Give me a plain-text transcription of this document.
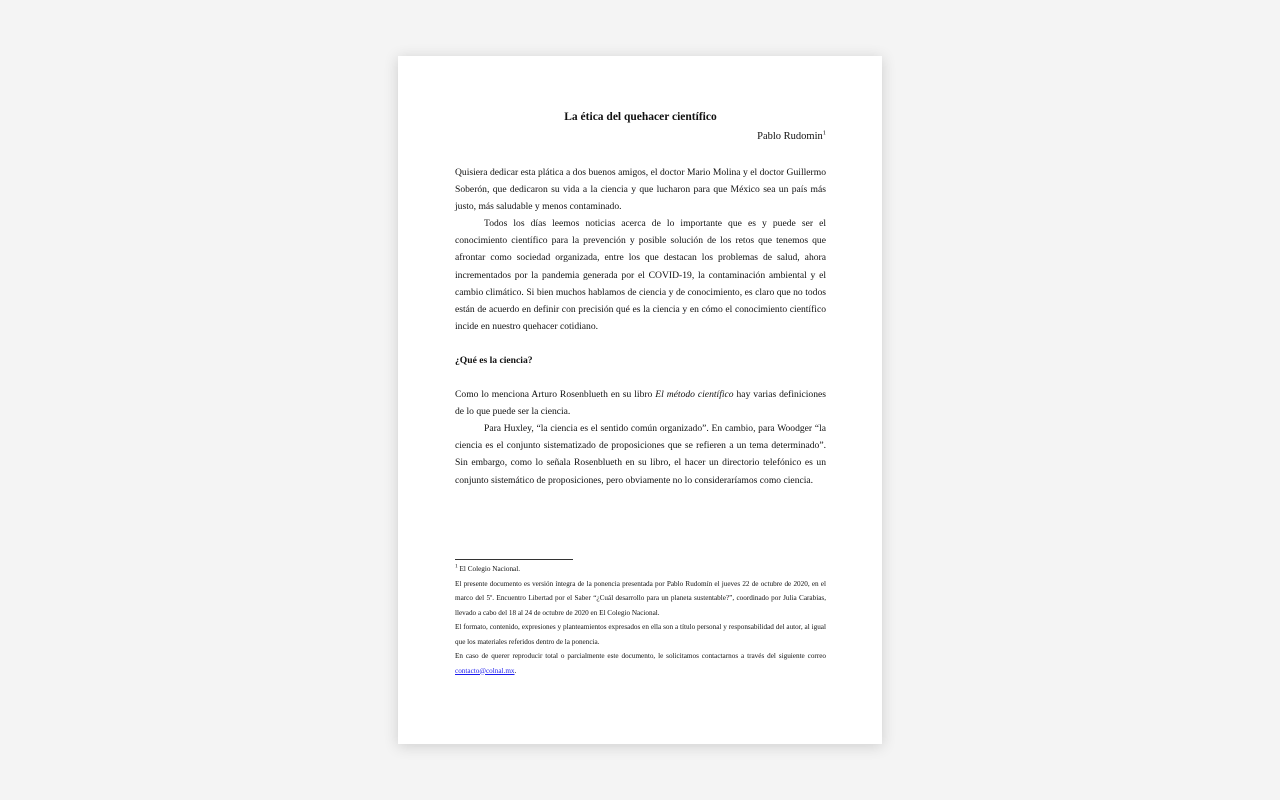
La ética del quehacer científico

Pablo Rudomin$^1$

Quisiera dedicar esta plática a dos buenos amigos, el doctor Mario Molina y el doctor Guillermo Soberón, que dedicaron su vida a la ciencia y que lucharon para que México sea un país más justo, más saludable y menos contaminado.

Todos los días leemos noticias acerca de lo importante que es y puede ser el conocimiento científico para la prevención y posible solución de los retos que tenemos que afrontar como sociedad organizada, entre los que destacan los problemas de salud, ahora incrementados por la pandemia generada por el COVID-19, la contaminación ambiental y el cambio climático. Si bien muchos hablamos de ciencia y de conocimiento, es claro que no todos están de acuerdo en definir con precisión qué es la ciencia y en cómo el conocimiento científico incide en nuestro quehacer cotidiano.

¿Qué es la ciencia?

Como lo menciona Arturo Rosenblueth en su libro El método científico hay varias definiciones de lo que puede ser la ciencia.

Para Huxley, “la ciencia es el sentido común organizado”. En cambio, para Woodger “la ciencia es el conjunto sistematizado de proposiciones que se refieren a un tema determinado”. Sin embargo, como lo señala Rosenblueth en su libro, el hacer un directorio telefónico es un conjunto sistemático de proposiciones, pero obviamente no lo consideraríamos como ciencia.

$^1$ El Colegio Nacional.

El presente documento es versión íntegra de la ponencia presentada por Pablo Rudomín el jueves 22 de octubre de 2020, en el marco del 5º. Encuentro Libertad por el Saber “¿Cuál desarrollo para un planeta sustentable?”, coordinado por Julia Carabias, llevado a cabo del 18 al 24 de octubre de 2020 en El Colegio Nacional.

El formato, contenido, expresiones y planteamientos expresados en ella son a título personal y responsabilidad del autor, al igual que los materiales referidos dentro de la ponencia.

En caso de querer reproducir total o parcialmente este documento, le solicitamos contactarnos a través del siguiente correo contacto@colnal.mx.
